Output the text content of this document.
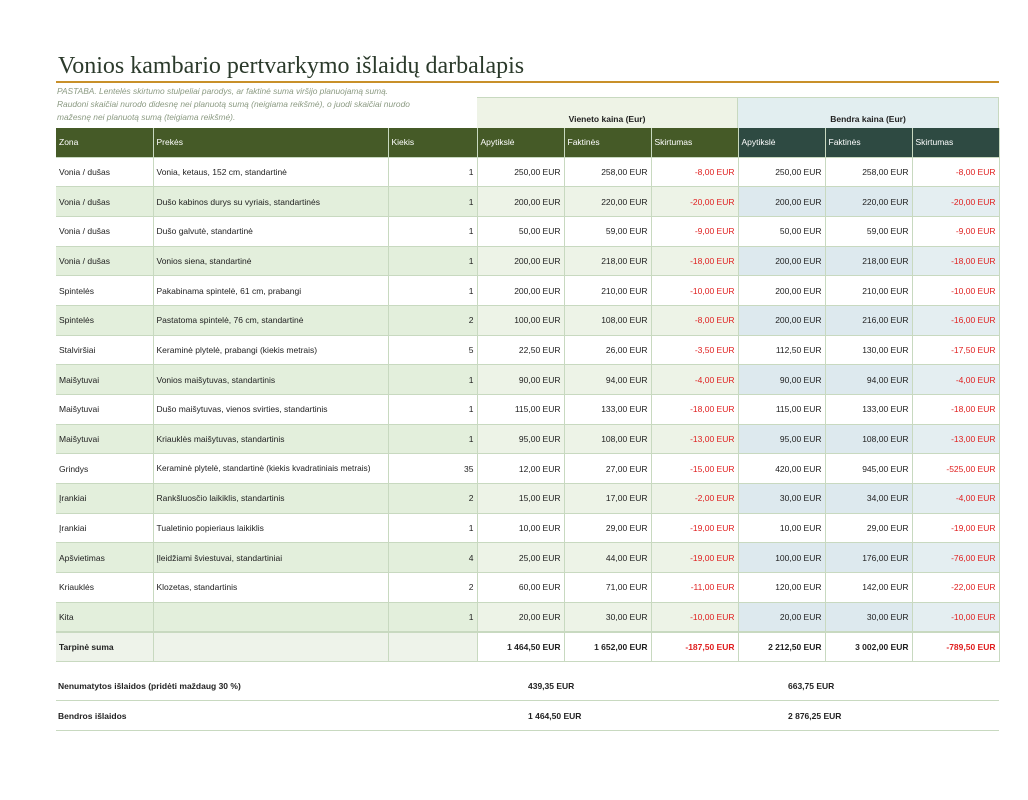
Vonios kambario pertvarkymo išlaidų darbalapis
PASTABA. Lentelės skirtumo stulpeliai parodys, ar faktinė suma viršijo planuojamą sumą.
Raudoni skaičiai nurodo didesnę nei planuotą sumą (neigiama reikšmė), o juodi skaičiai nurodo
mažesnę nei planuotą sumą (teigiama reikšmė).	Vieneto kaina (Eur)	Bendra kaina (Eur)
Zona	Prekės	Kiekis	Apytikslė	Faktinės	Skirtumas	Apytikslė	Faktinės	Skirtumas
Vonia / dušas	Vonia, ketaus, 152 cm, standartinė	1	250,00 EUR	258,00 EUR	-8,00 EUR	250,00 EUR	258,00 EUR	-8,00 EUR
Vonia / dušas	Dušo kabinos durys su vyriais, standartinės	1	200,00 EUR	220,00 EUR	-20,00 EUR	200,00 EUR	220,00 EUR	-20,00 EUR
Vonia / dušas	Dušo galvutė, standartinė	1	50,00 EUR	59,00 EUR	-9,00 EUR	50,00 EUR	59,00 EUR	-9,00 EUR
Vonia / dušas	Vonios siena, standartinė	1	200,00 EUR	218,00 EUR	-18,00 EUR	200,00 EUR	218,00 EUR	-18,00 EUR
Spintelės	Pakabinama spintelė, 61 cm, prabangi	1	200,00 EUR	210,00 EUR	-10,00 EUR	200,00 EUR	210,00 EUR	-10,00 EUR
Spintelės	Pastatoma spintelė, 76 cm, standartinė	2	100,00 EUR	108,00 EUR	-8,00 EUR	200,00 EUR	216,00 EUR	-16,00 EUR
Stalviršiai	Keraminė plytelė, prabangi (kiekis metrais)	5	22,50 EUR	26,00 EUR	-3,50 EUR	112,50 EUR	130,00 EUR	-17,50 EUR
Maišytuvai	Vonios maišytuvas, standartinis	1	90,00 EUR	94,00 EUR	-4,00 EUR	90,00 EUR	94,00 EUR	-4,00 EUR
Maišytuvai	Dušo maišytuvas, vienos svirties, standartinis	1	115,00 EUR	133,00 EUR	-18,00 EUR	115,00 EUR	133,00 EUR	-18,00 EUR
Maišytuvai	Kriauklės maišytuvas, standartinis	1	95,00 EUR	108,00 EUR	-13,00 EUR	95,00 EUR	108,00 EUR	-13,00 EUR
Grindys	Keraminė plytelė, standartinė (kiekis kvadratiniais metrais)	35	12,00 EUR	27,00 EUR	-15,00 EUR	420,00 EUR	945,00 EUR	-525,00 EUR
Įrankiai	Rankšluosčio laikiklis, standartinis	2	15,00 EUR	17,00 EUR	-2,00 EUR	30,00 EUR	34,00 EUR	-4,00 EUR
Įrankiai	Tualetinio popieriaus laikiklis	1	10,00 EUR	29,00 EUR	-19,00 EUR	10,00 EUR	29,00 EUR	-19,00 EUR
Apšvietimas	Įleidžiami šviestuvai, standartiniai	4	25,00 EUR	44,00 EUR	-19,00 EUR	100,00 EUR	176,00 EUR	-76,00 EUR
Kriauklės	Klozetas, standartinis	2	60,00 EUR	71,00 EUR	-11,00 EUR	120,00 EUR	142,00 EUR	-22,00 EUR
Kita		1	20,00 EUR	30,00 EUR	-10,00 EUR	20,00 EUR	30,00 EUR	-10,00 EUR
Tarpinė suma			1 464,50 EUR	1 652,00 EUR	-187,50 EUR	2 212,50 EUR	3 002,00 EUR	-789,50 EUR
Nenumatytos išlaidos (pridėti maždaug 30 %)	439,35 EUR	663,75 EUR
Bendros išlaidos	1 464,50 EUR	2 876,25 EUR
